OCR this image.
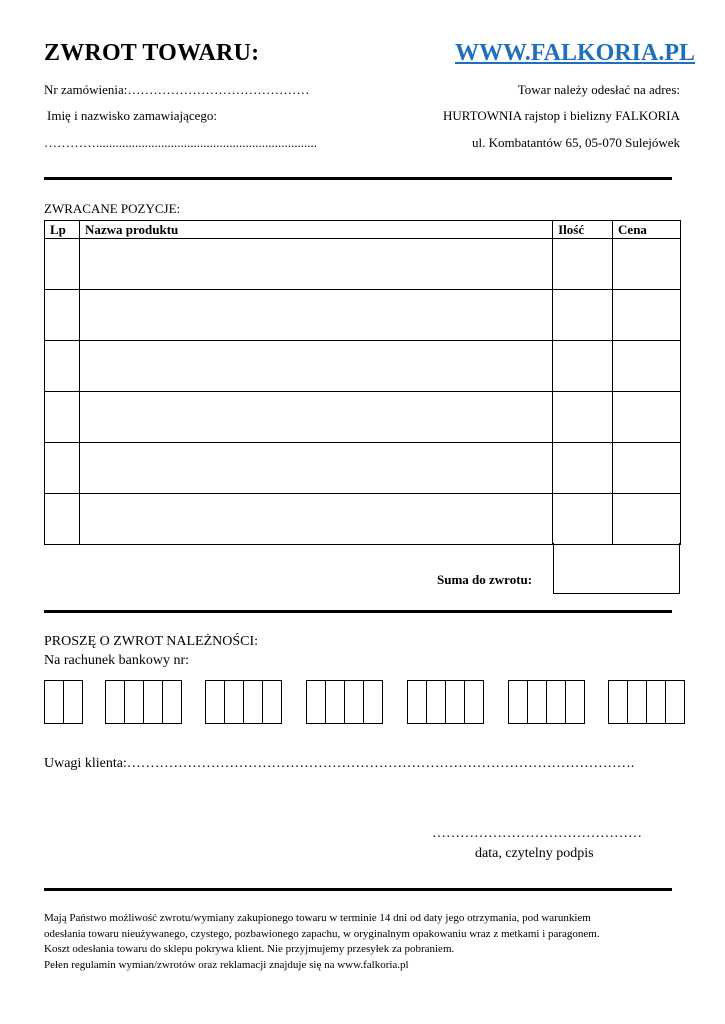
ZWROT TOWARU:	WWW.FALKORIA.PL
Nr zamówienia:……………………………………
Imię i nazwisko zamawiającego:
…………....................................................................
Towar należy odesłać na adres:
HURTOWNIA rajstop i bielizny FALKORIA
ul. Kombatantów 65, 05-070 Sulejówek
ZWRACANE POZYCJE:
Lp	Nazwa produktu	Ilość	Cena

Suma do zwrotu:
PROSZĘ O ZWROT NALEŻNOŚCI:
Na rachunek bankowy nr:
Uwagi klienta:……………………………………………………………………………………………….
………………………………………
data, czytelny podpis
Mają Państwo możliwość zwrotu/wymiany zakupionego towaru w terminie 14 dni od daty jego otrzymania, pod warunkiem
odesłania towaru nieużywanego, czystego, pozbawionego zapachu, w oryginalnym opakowaniu wraz z metkami i paragonem.
Koszt odesłania towaru do sklepu pokrywa klient. Nie przyjmujemy przesyłek za pobraniem.
Pełen regulamin wymian/zwrotów oraz reklamacji znajduje się na www.falkoria.pl
